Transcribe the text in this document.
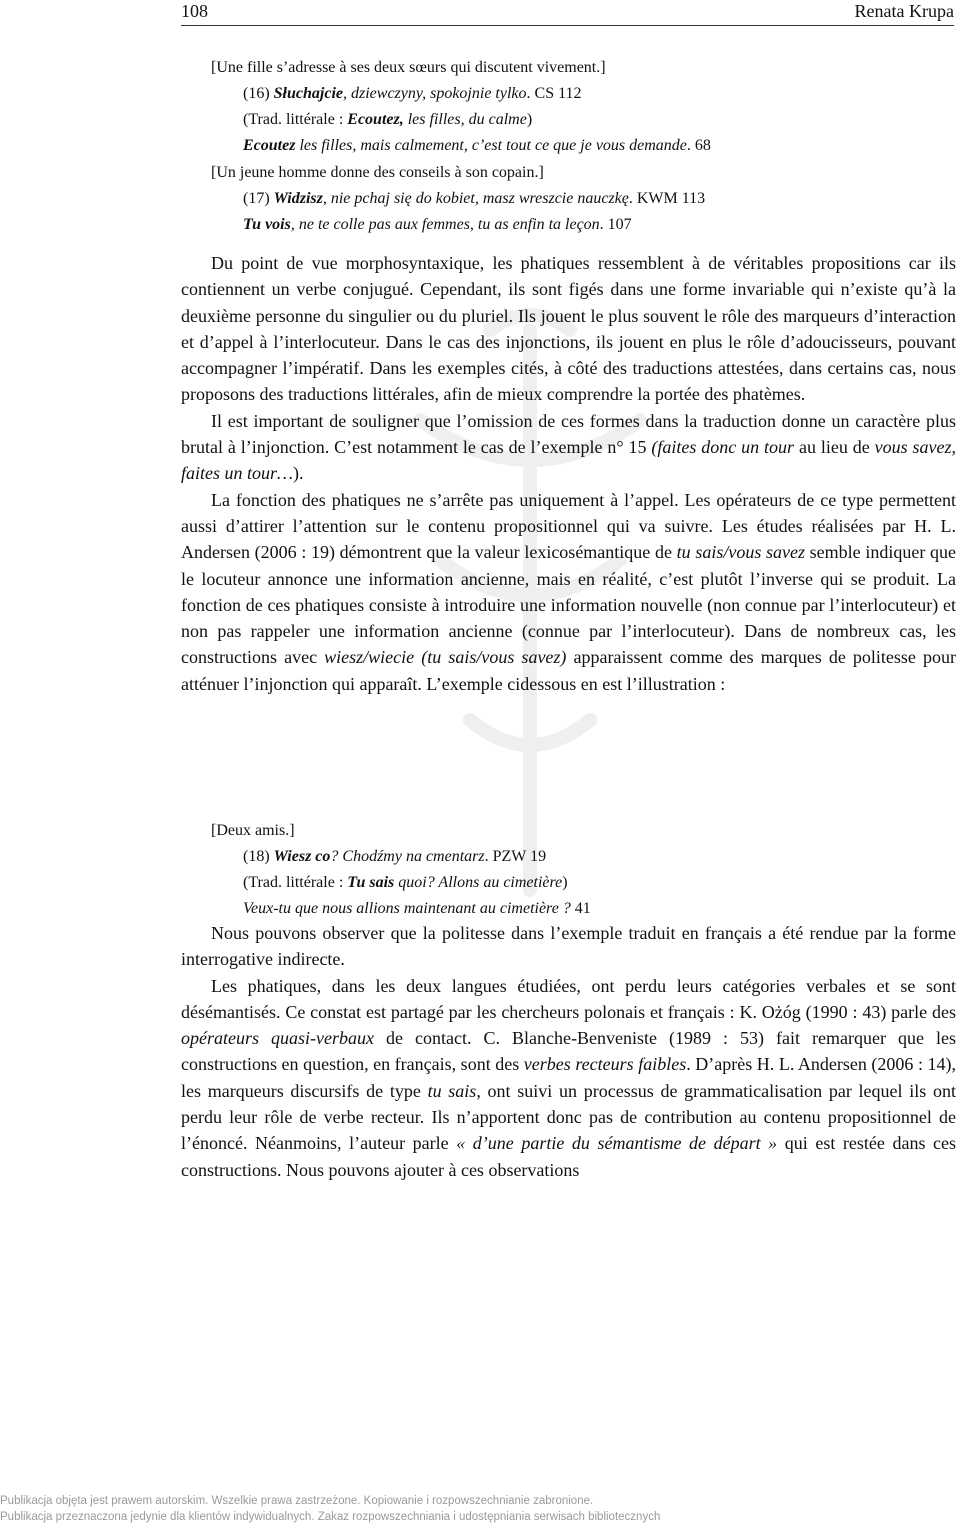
108	Renata Krupa
[Une fille s’adresse à ses deux sœurs qui discutent vivement.]
(16) Słuchajcie, dziewczyny, spokojnie tylko. CS 112
(Trad. littérale : Ecoutez, les filles, du calme)
Ecoutez les filles, mais calmement, c’est tout ce que je vous demande. 68
[Un jeune homme donne des conseils à son copain.]
(17) Widzisz, nie pchaj się do kobiet, masz wreszcie nauczkę. KWM 113
Tu vois, ne te colle pas aux femmes, tu as enfin ta leçon. 107

Du point de vue morphosyntaxique, les phatiques ressemblent à de véritables propositions car ils contiennent un verbe conjugué. Cependant, ils sont figés dans une forme invariable qui n’existe qu’à la deuxième personne du singulier ou du pluriel. Ils jouent le plus souvent le rôle des marqueurs d’interaction et d’appel à l’interlocuteur. Dans le cas des injonctions, ils jouent en plus le rôle d’adoucisseurs, pouvant accompagner l’impératif. Dans les exemples cités, à côté des traductions attestées, dans certains cas, nous proposons des traductions littérales, afin de mieux comprendre la portée des phatèmes.

Il est important de souligner que l’omission de ces formes dans la traduction donne un caractère plus brutal à l’injonction. C’est notamment le cas de l’exemple n° 15 (faites donc un tour au lieu de vous savez, faites un tour…).

La fonction des phatiques ne s’arrête pas uniquement à l’appel. Les opérateurs de ce type permettent aussi d’attirer l’attention sur le contenu propositionnel qui va suivre. Les études réalisées par H. L. Andersen (2006 : 19) démontrent que la valeur lexicosémantique de tu sais/vous savez semble indiquer que le locuteur annonce une information ancienne, mais en réalité, c’est plutôt l’inverse qui se produit. La fonction de ces phatiques consiste à introduire une information nouvelle (non connue par l’interlocuteur) et non pas rappeler une information ancienne (connue par l’interlocuteur). Dans de nombreux cas, les constructions avec wiesz/wiecie (tu sais/vous savez) apparaissent comme des marques de politesse pour atténuer l’injonction qui apparaît. L’exemple cidessous en est l’illustration :

[Deux amis.]
(18) Wiesz co? Chodźmy na cmentarz. PZW 19
(Trad. littérale : Tu sais quoi? Allons au cimetière)
Veux-tu que nous allions maintenant au cimetière ? 41

Nous pouvons observer que la politesse dans l’exemple traduit en français a été rendue par la forme interrogative indirecte.

Les phatiques, dans les deux langues étudiées, ont perdu leurs catégories verbales et se sont désémantisés. Ce constat est partagé par les chercheurs polonais et français : K. Ożóg (1990 : 43) parle des opérateurs quasi-verbaux de contact. C. Blanche-Benveniste (1989 : 53) fait remarquer que les constructions en question, en français, sont des verbes recteurs faibles. D’après H. L. Andersen (2006 : 14), les marqueurs discursifs de type tu sais, ont suivi un processus de grammaticalisation par lequel ils ont perdu leur rôle de verbe recteur. Ils n’apportent donc pas de contribution au contenu propositionnel de l’énoncé. Néanmoins, l’auteur parle « d’une partie du sémantisme de départ » qui est restée dans ces constructions. Nous pouvons ajouter à ces observations

Publikacja objęta jest prawem autorskim. Wszelkie prawa zastrzeżone. Kopiowanie i rozpowszechnianie zabronione.
Publikacja przeznaczona jedynie dla klientów indywidualnych. Zakaz rozpowszechniania i udostępniania serwisach bibliotecznych
